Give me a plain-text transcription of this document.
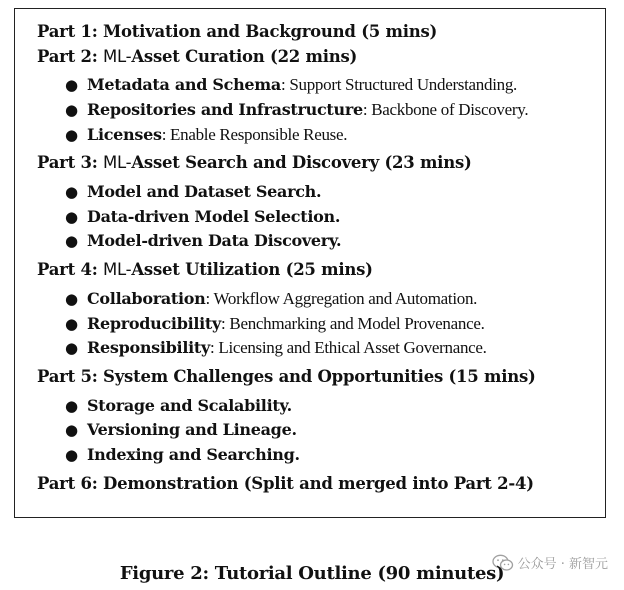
Part 1: Motivation and Background (5 mins)
Part 2: ML-Asset Curation (22 mins)
● Metadata and Schema: Support Structured Understanding.
● Repositories and Infrastructure: Backbone of Discovery.
● Licenses: Enable Responsible Reuse.
Part 3: ML-Asset Search and Discovery (23 mins)
● Model and Dataset Search.
● Data-driven Model Selection.
● Model-driven Data Discovery.
Part 4: ML-Asset Utilization (25 mins)
● Collaboration: Workflow Aggregation and Automation.
● Reproducibility: Benchmarking and Model Provenance.
● Responsibility: Licensing and Ethical Asset Governance.
Part 5: System Challenges and Opportunities (15 mins)
● Storage and Scalability.
● Versioning and Lineage.
● Indexing and Searching.
Part 6: Demonstration (Split and merged into Part 2-4)
公众号 · 新智元
Figure 2: Tutorial Outline (90 minutes)
